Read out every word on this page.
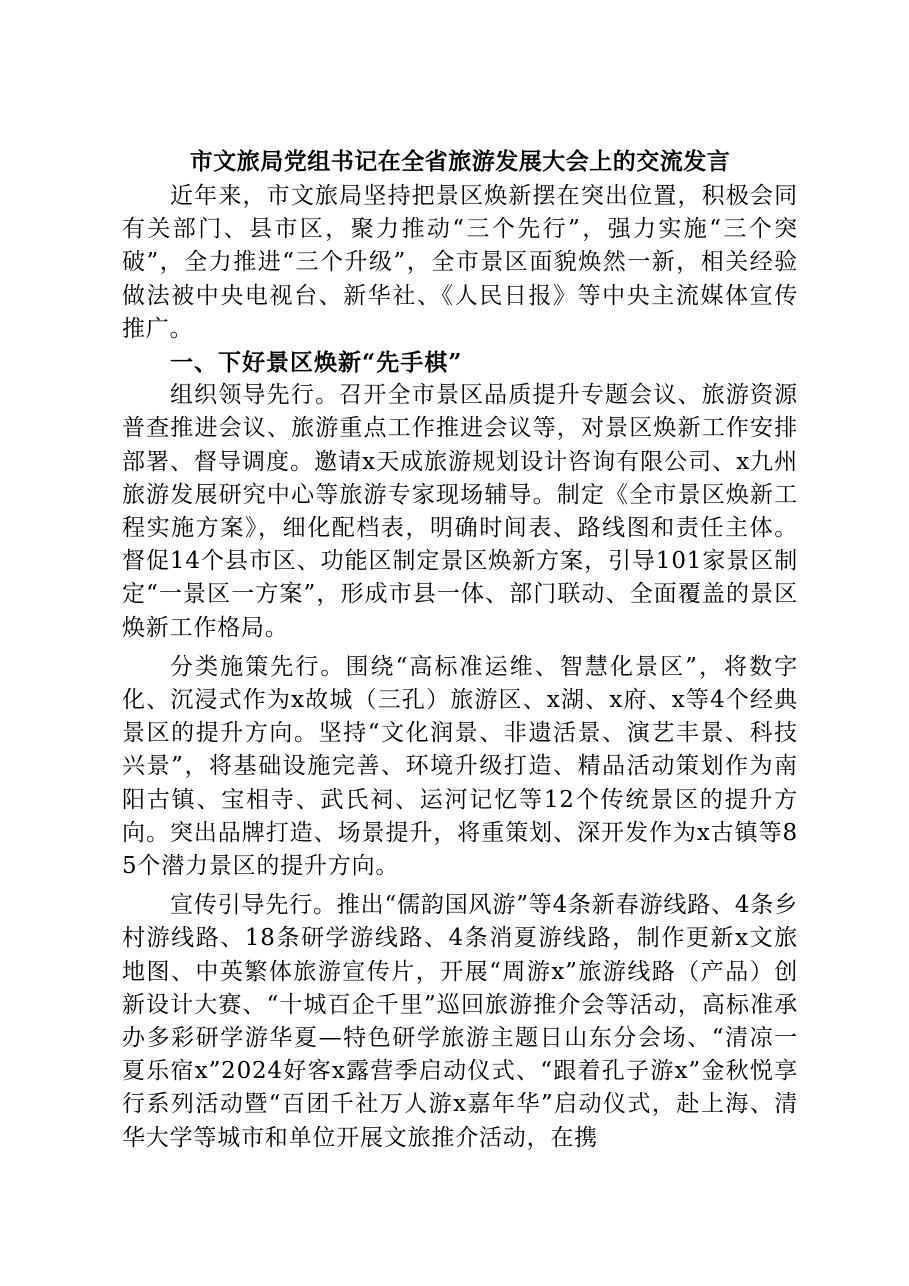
市文旅局党组书记在全省旅游发展大会上的交流发言

近年来，市文旅局坚持把景区焕新摆在突出位置，积极会同有关部门、县市区，聚力推动“三个先行”，强力实施“三个突破”，全力推进“三个升级”，全市景区面貌焕然一新，相关经验做法被中央电视台、新华社、《人民日报》等中央主流媒体宣传推广。

一、下好景区焕新“先手棋”

组织领导先行。召开全市景区品质提升专题会议、旅游资源普查推进会议、旅游重点工作推进会议等，对景区焕新工作安排部署、督导调度。邀请x天成旅游规划设计咨询有限公司、x九州旅游发展研究中心等旅游专家现场辅导。制定《全市景区焕新工程实施方案》，细化配档表，明确时间表、路线图和责任主体。督促14个县市区、功能区制定景区焕新方案，引导101家景区制定“一景区一方案”，形成市县一体、部门联动、全面覆盖的景区焕新工作格局。

分类施策先行。围绕“高标准运维、智慧化景区”，将数字化、沉浸式作为x故城（三孔）旅游区、x湖、x府、x等4个经典景区的提升方向。坚持“文化润景、非遗活景、演艺丰景、科技兴景”，将基础设施完善、环境升级打造、精品活动策划作为南阳古镇、宝相寺、武氏祠、运河记忆等12个传统景区的提升方向。突出品牌打造、场景提升，将重策划、深开发作为x古镇等85个潜力景区的提升方向。

宣传引导先行。推出“儒韵国风游”等4条新春游线路、4条乡村游线路、18条研学游线路、4条消夏游线路，制作更新x文旅地图、中英繁体旅游宣传片，开展“周游x”旅游线路（产品）创新设计大赛、“十城百企千里”巡回旅游推介会等活动，高标准承办多彩研学游华夏—特色研学旅游主题日山东分会场、“清凉一夏乐宿x”2024好客x露营季启动仪式、“跟着孔子游x”金秋悦享行系列活动暨“百团千社万人游x嘉年华”启动仪式，赴上海、清华大学等城市和单位开展文旅推介活动，在携
